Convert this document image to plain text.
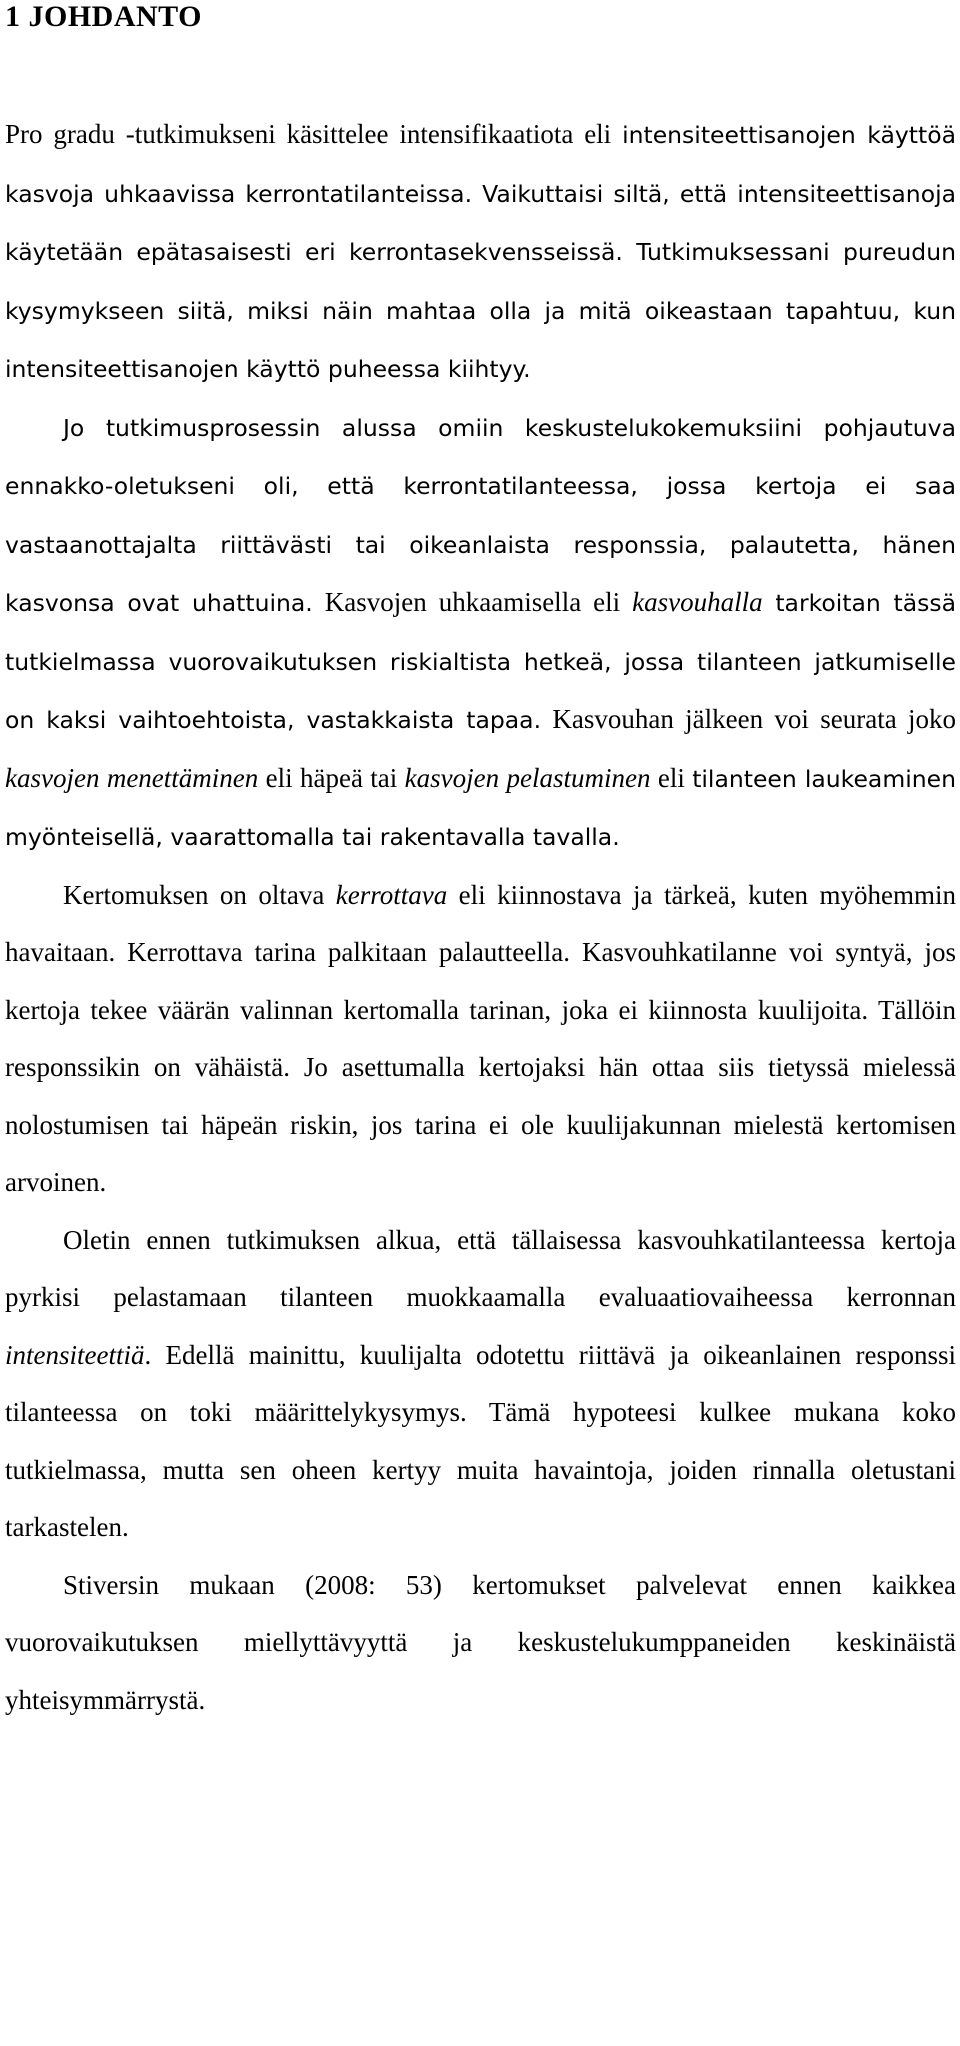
1 JOHDANTO

Pro gradu -tutkimukseni käsittelee intensifikaatiota eli intensiteettisanojen käyttöä kasvoja uhkaavissa kerrontatilanteissa. Vaikuttaisi siltä, että intensiteettisanoja käytetään epätasaisesti eri kerrontasekvensseissä. Tutkimuksessani pureudun kysymykseen siitä, miksi näin mahtaa olla ja mitä oikeastaan tapahtuu, kun intensiteettisanojen käyttö puheessa kiihtyy.

Jo tutkimusprosessin alussa omiin keskustelukokemuksiini pohjautuva ennakko-oletukseni oli, että kerrontatilanteessa, jossa kertoja ei saa vastaanottajalta riittävästi tai oikeanlaista responssia, palautetta, hänen kasvonsa ovat uhattuina. Kasvojen uhkaamisella eli kasvouhalla tarkoitan tässä tutkielmassa vuorovaikutuksen riskialtista hetkeä, jossa tilanteen jatkumiselle on kaksi vaihtoehtoista, vastakkaista tapaa. Kasvouhan jälkeen voi seurata joko kasvojen menettäminen eli häpeä tai kasvojen pelastuminen eli tilanteen laukeaminen myönteisellä, vaarattomalla tai rakentavalla tavalla.

Kertomuksen on oltava kerrottava eli kiinnostava ja tärkeä, kuten myöhemmin havaitaan. Kerrottava tarina palkitaan palautteella. Kasvouhkatilanne voi syntyä, jos kertoja tekee väärän valinnan kertomalla tarinan, joka ei kiinnosta kuulijoita. Tällöin responssikin on vähäistä. Jo asettumalla kertojaksi hän ottaa siis tietyssä mielessä nolostumisen tai häpeän riskin, jos tarina ei ole kuulijakunnan mielestä kertomisen arvoinen.

Oletin ennen tutkimuksen alkua, että tällaisessa kasvouhkatilanteessa kertoja pyrkisi pelastamaan tilanteen muokkaamalla evaluaatiovaiheessa kerronnan intensiteettiä. Edellä mainittu, kuulijalta odotettu riittävä ja oikeanlainen responssi tilanteessa on toki määrittelykysymys. Tämä hypoteesi kulkee mukana koko tutkielmassa, mutta sen oheen kertyy muita havaintoja, joiden rinnalla oletustani tarkastelen.

Stiversin mukaan (2008: 53) kertomukset palvelevat ennen kaikkea vuorovaikutuksen miellyttävyyttä ja keskustelukumppaneiden keskinäistä yhteisymmärrystä.
